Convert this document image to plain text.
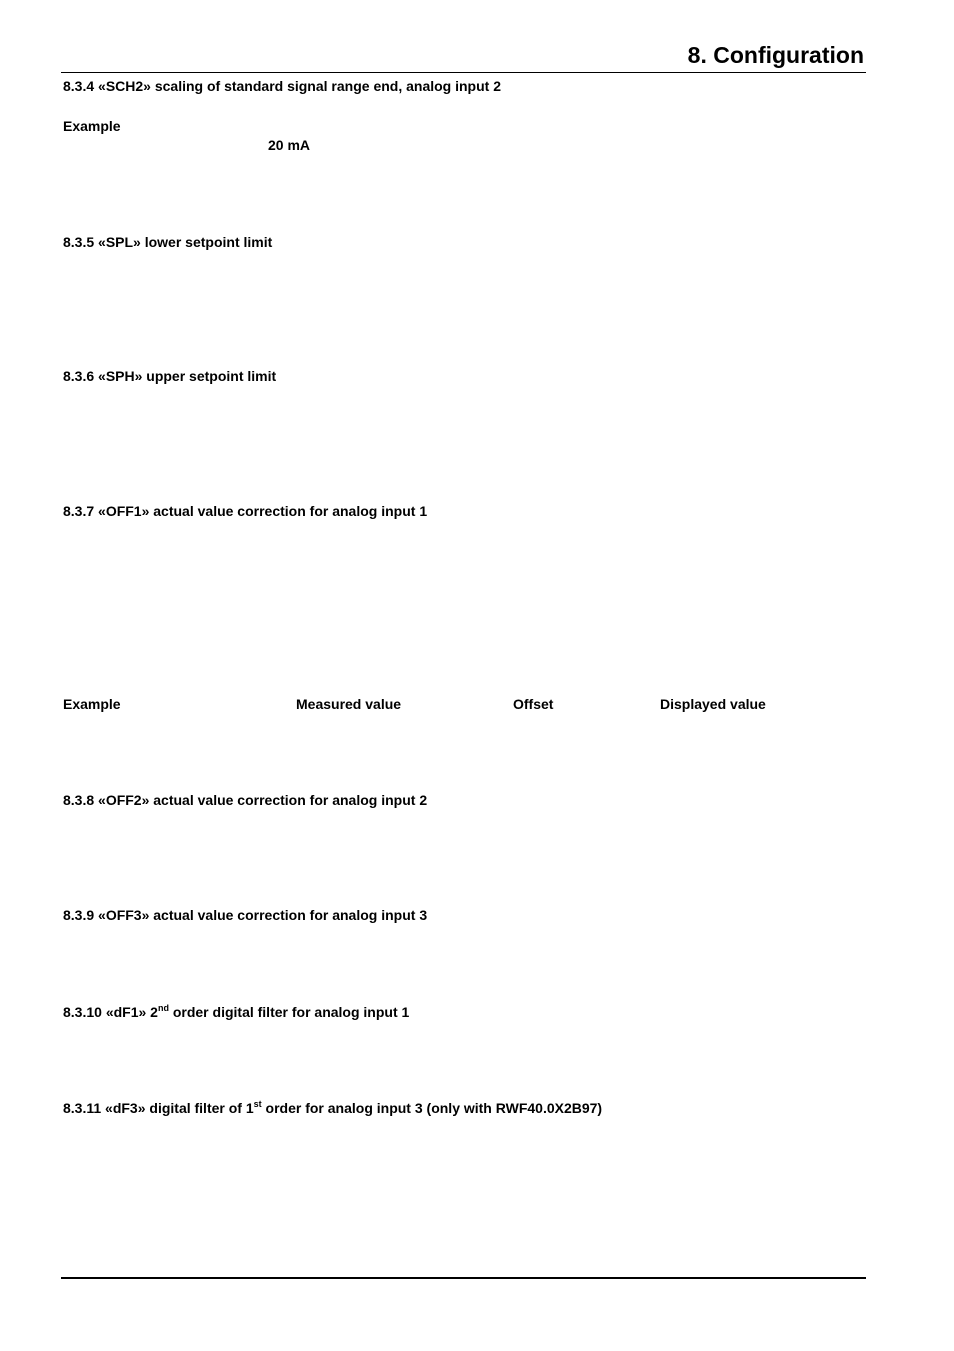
8. Configuration
8.3.4 «SCH2» scaling of standard signal range end, analog input 2
Example
20 mA
8.3.5 «SPL» lower setpoint limit
8.3.6 «SPH» upper setpoint limit
8.3.7 «OFF1» actual value correction for analog input 1
Example	Measured value	Offset	Displayed value
8.3.8 «OFF2» actual value correction for analog input 2
8.3.9 «OFF3» actual value correction for analog input 3
8.3.10 «dF1» 2nd order digital filter for analog input 1
8.3.11 «dF3» digital filter of 1st order for analog input 3 (only with RWF40.0X2B97)
